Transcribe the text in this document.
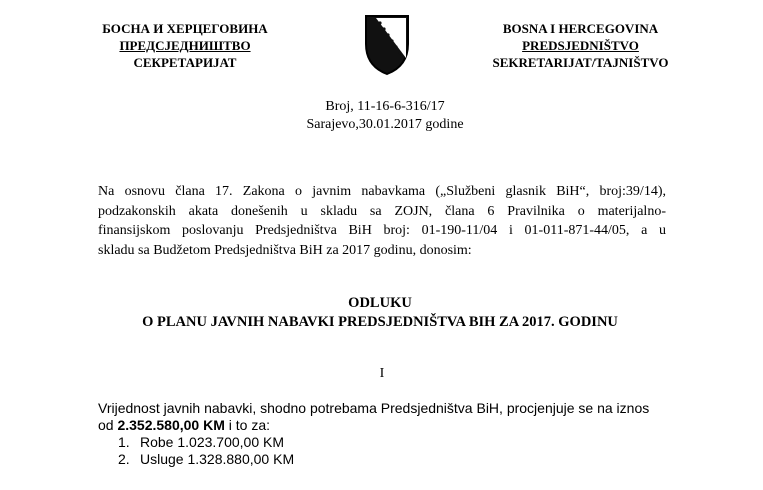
БОСНА И ХЕРЦЕГОВИНА
ПРЕДСЈЕДНИШТВО
СЕКРЕТАРИЈАТ
BOSNA I HERCEGOVINA
PREDSJEDNIŠTVO
SEKRETARIJAT/TAJNIŠTVO
Broj, 11-16-6-316/17
Sarajevo,30.01.2017 godine
Na osnovu člana 17. Zakona o javnim nabavkama („Službeni glasnik BiH“, broj:39/14),
podzakonskih akata donešenih u skladu sa ZOJN, člana 6 Pravilnika o materijalno-
finansijskom poslovanju Predsjedništva BiH broj: 01-190-11/04 i 01-011-871-44/05, a u
skladu sa Budžetom Predsjedništva BiH za 2017 godinu, donosim:
ODLUKU
O PLANU JAVNIH NABAVKI PREDSJEDNIŠTVA BIH ZA 2017. GODINU
I
Vrijednost javnih nabavki, shodno potrebama Predsjedništva BiH, procjenjuje se na iznos
od 2.352.580,00 KM i to za:
1. Robe 1.023.700,00 KM
2. Usluge 1.328.880,00 KM
